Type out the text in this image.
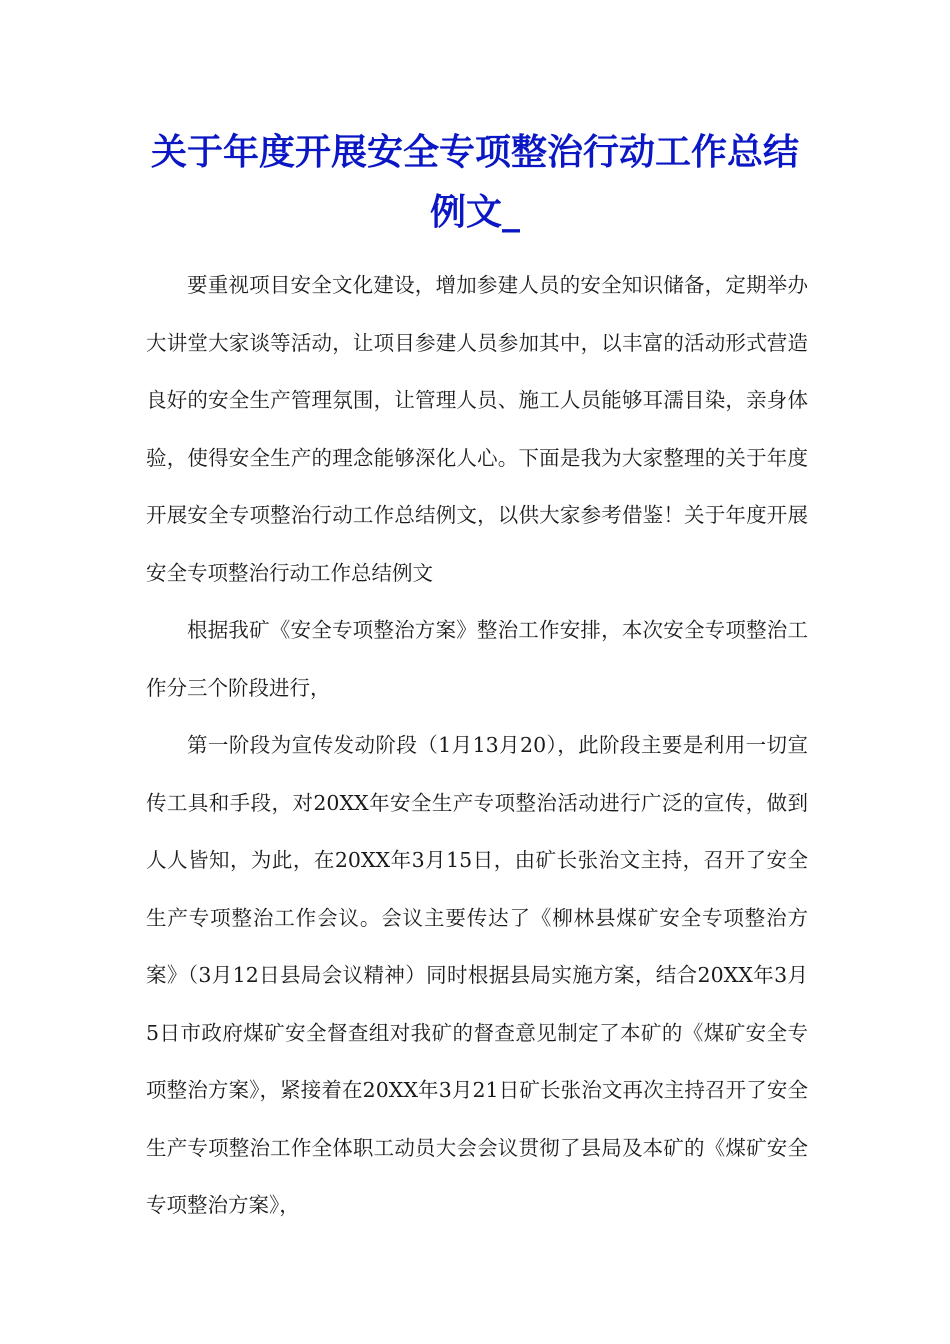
关于年度开展安全专项整治行动工作总结例文_

要重视项目安全文化建设，增加参建人员的安全知识储备，定期举办大讲堂大家谈等活动，让项目参建人员参加其中，以丰富的活动形式营造良好的安全生产管理氛围，让管理人员、施工人员能够耳濡目染，亲身体验，使得安全生产的理念能够深化人心。下面是我为大家整理的关于年度开展安全专项整治行动工作总结例文，以供大家参考借鉴！关于年度开展安全专项整治行动工作总结例文

根据我矿《安全专项整治方案》整治工作安排，本次安全专项整治工作分三个阶段进行，

第一阶段为宣传发动阶段（1月13月20），此阶段主要是利用一切宣传工具和手段，对20XX年安全生产专项整治活动进行广泛的宣传，做到人人皆知，为此，在20XX年3月15日，由矿长张治文主持，召开了安全生产专项整治工作会议。会议主要传达了《柳林县煤矿安全专项整治方案》（3月12日县局会议精神）同时根据县局实施方案，结合20XX年3月5日市政府煤矿安全督查组对我矿的督查意见制定了本矿的《煤矿安全专项整治方案》，紧接着在20XX年3月21日矿长张治文再次主持召开了安全生产专项整治工作全体职工动员大会会议贯彻了县局及本矿的《煤矿安全专项整治方案》，
